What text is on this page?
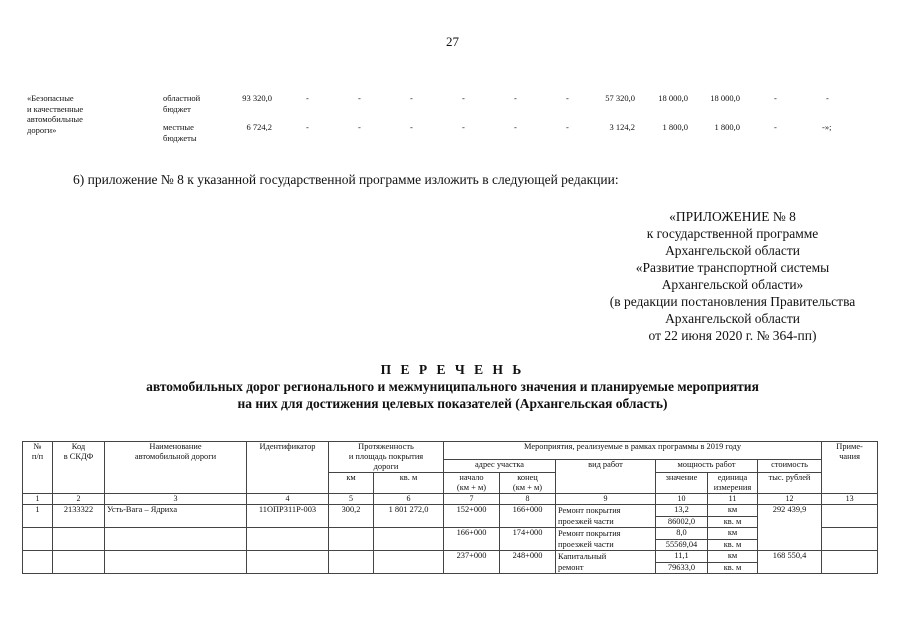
27
«Безопасные
и качественные
автомобильные
дороги»
областной
бюджет
93 320,0	-	-	-	-	-	-	57 320,0	18 000,0	18 000,0	-	-
местные
бюджеты
6 724,2	-	-	-	-	-	-	3 124,2	1 800,0	1 800,0	-	-»;
6) приложение № 8 к указанной государственной программе изложить в следующей редакции:
«ПРИЛОЖЕНИЕ № 8
к государственной программе
Архангельской области
«Развитие транспортной системы
Архангельской области»
(в редакции постановления Правительства
Архангельской области
от 22 июня 2020 г. № 364-пп)
П Е Р Е Ч Е Н Ь
автомобильных дорог регионального и межмуниципального значения и планируемые мероприятия
на них для достижения целевых показателей (Архангельская область)
№
п/п	Код
в СКДФ	Наименование
автомобильной дороги	Идентификатор	Протяженность
и площадь покрытия
дороги		Мероприятия, реализуемые в рамках программы в 2019 году						Приме-
чания
						адрес участка		вид работ	мощность работ		стоимость	
				км	кв. м	начало
(км + м)	конец
(км + м)		значение	единица
измерения	тыс. рублей	
1	2	3	4	5	6	7	8	9	10	11	12	13
1	2133322	Усть-Вага – Ядриха	11ОПРЗ11Р-003	300,2	1 801 272,0	152+000	166+000	Ремонт покрытия
проезжей части	13,2	км	292 439,9	
									86002,0	кв. м		
						166+000	174+000	Ремонт покрытия
проезжей части	8,0	км		
									55569,04	кв. м		
						237+000	248+000	Капитальный
ремонт	11,1	км	168 550,4	
									79633,0	кв. м		
